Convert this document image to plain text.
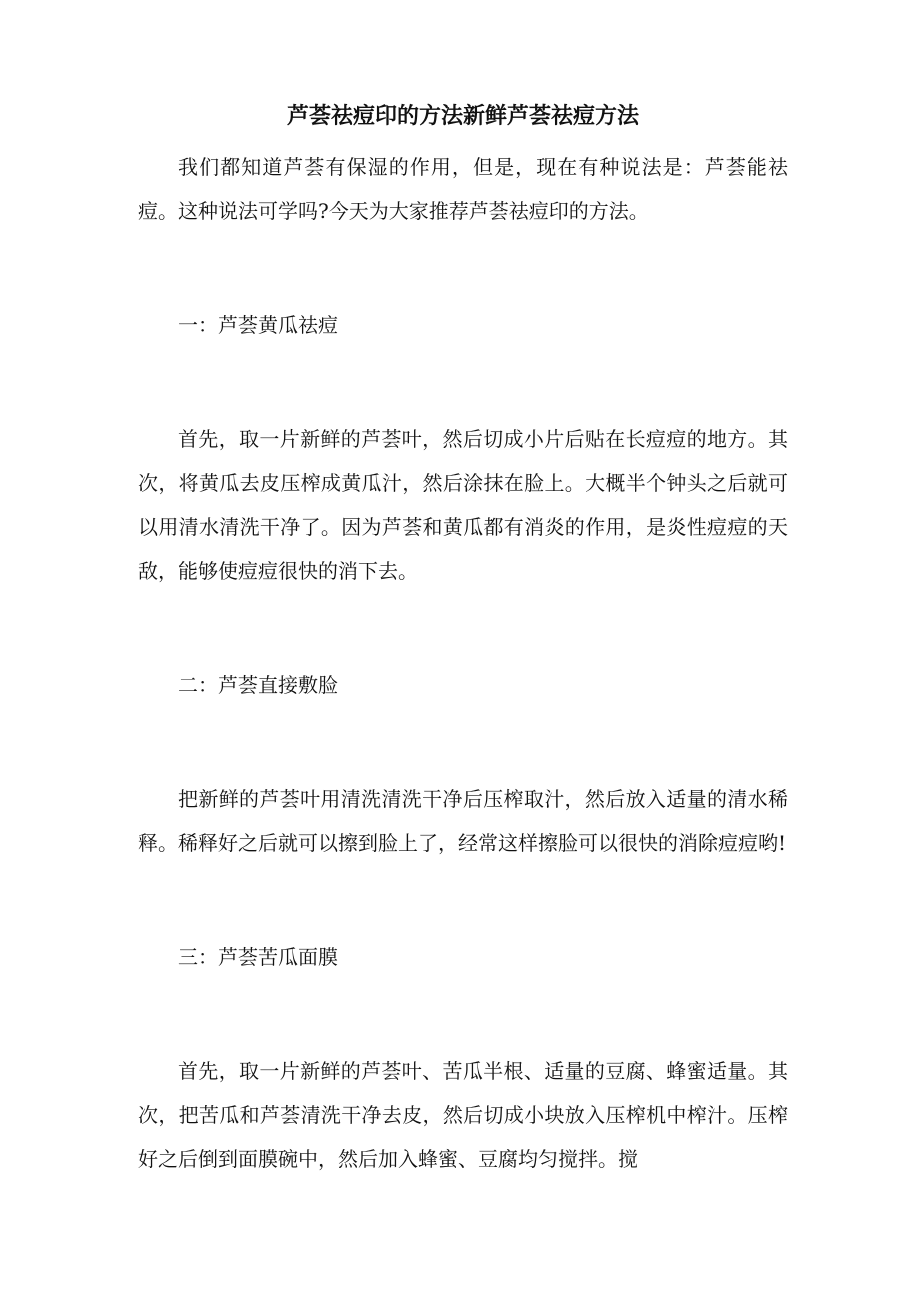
芦荟祛痘印的方法新鲜芦荟祛痘方法

我们都知道芦荟有保湿的作用，但是，现在有种说法是：芦荟能祛痘。这种说法可学吗?今天为大家推荐芦荟祛痘印的方法。

一：芦荟黄瓜祛痘

首先，取一片新鲜的芦荟叶，然后切成小片后贴在长痘痘的地方。其次，将黄瓜去皮压榨成黄瓜汁，然后涂抹在脸上。大概半个钟头之后就可以用清水清洗干净了。因为芦荟和黄瓜都有消炎的作用，是炎性痘痘的天敌，能够使痘痘很快的消下去。

二：芦荟直接敷脸

把新鲜的芦荟叶用清洗清洗干净后压榨取汁，然后放入适量的清水稀释。稀释好之后就可以擦到脸上了，经常这样擦脸可以很快的消除痘痘哟!

三：芦荟苦瓜面膜

首先，取一片新鲜的芦荟叶、苦瓜半根、适量的豆腐、蜂蜜适量。其次，把苦瓜和芦荟清洗干净去皮，然后切成小块放入压榨机中榨汁。压榨好之后倒到面膜碗中，然后加入蜂蜜、豆腐均匀搅拌。搅
